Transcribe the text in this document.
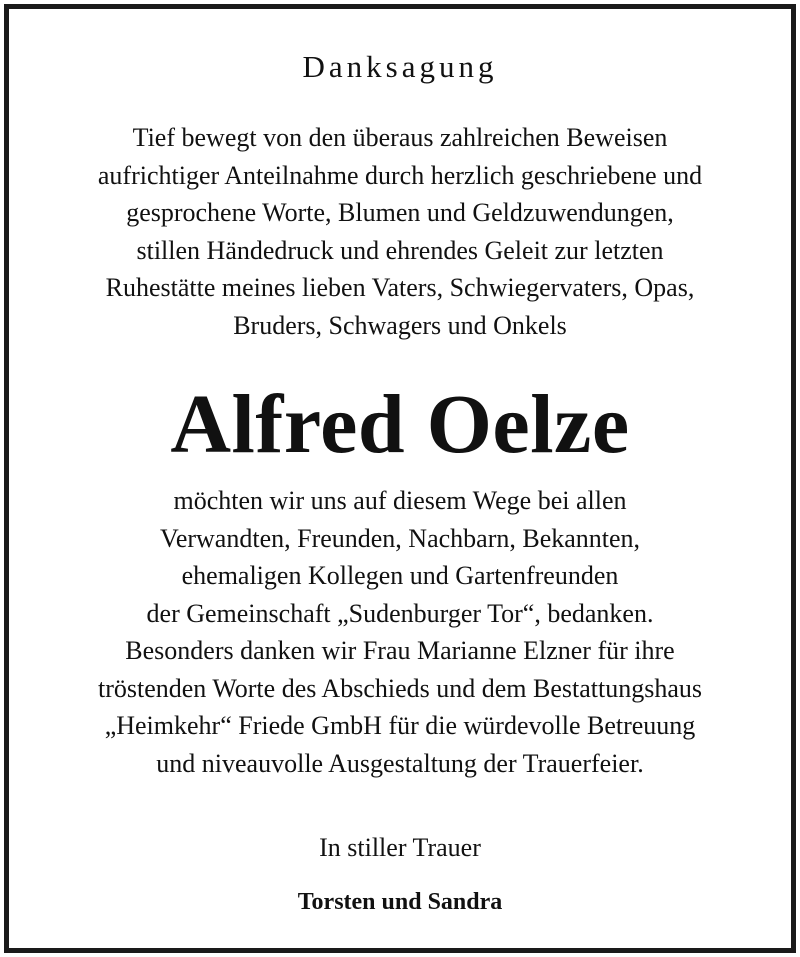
Danksagung
Tief bewegt von den überaus zahlreichen Beweisen
aufrichtiger Anteilnahme durch herzlich geschriebene und
gesprochene Worte, Blumen und Geldzuwendungen,
stillen Händedruck und ehrendes Geleit zur letzten
Ruhestätte meines lieben Vaters, Schwiegervaters, Opas,
Bruders, Schwagers und Onkels
Alfred Oelze
möchten wir uns auf diesem Wege bei allen
Verwandten, Freunden, Nachbarn, Bekannten,
ehemaligen Kollegen und Gartenfreunden
der Gemeinschaft „Sudenburger Tor“, bedanken.
Besonders danken wir Frau Marianne Elzner für ihre
tröstenden Worte des Abschieds und dem Bestattungshaus
„Heimkehr“ Friede GmbH für die würdevolle Betreuung
und niveauvolle Ausgestaltung der Trauerfeier.
In stiller Trauer
Torsten und Sandra
